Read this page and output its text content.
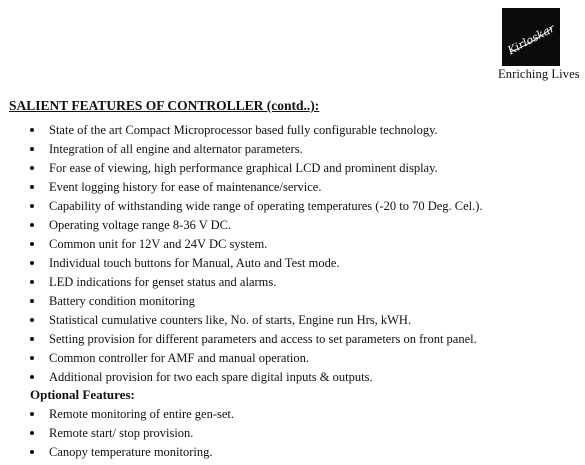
Kirloskar
Enriching Lives
SALIENT FEATURES OF CONTROLLER (contd..):
State of the art Compact Microprocessor based fully configurable technology.
Integration of all engine and alternator parameters.
For ease of viewing, high performance graphical LCD and prominent display.
Event logging history for ease of maintenance/service.
Capability of withstanding wide range of operating temperatures (-20 to 70 Deg. Cel.).
Operating voltage range 8-36 V DC.
Common unit for 12V and 24V DC system.
Individual touch buttons for Manual, Auto and Test mode.
LED indications for genset status and alarms.
Battery condition monitoring
Statistical cumulative counters like, No. of starts, Engine run Hrs, kWH.
Setting provision for different parameters and access to set parameters on front panel.
Common controller for AMF and manual operation.
Additional provision for two each spare digital inputs & outputs.
Optional Features:
Remote monitoring of entire gen-set.
Remote start/ stop provision.
Canopy temperature monitoring.
